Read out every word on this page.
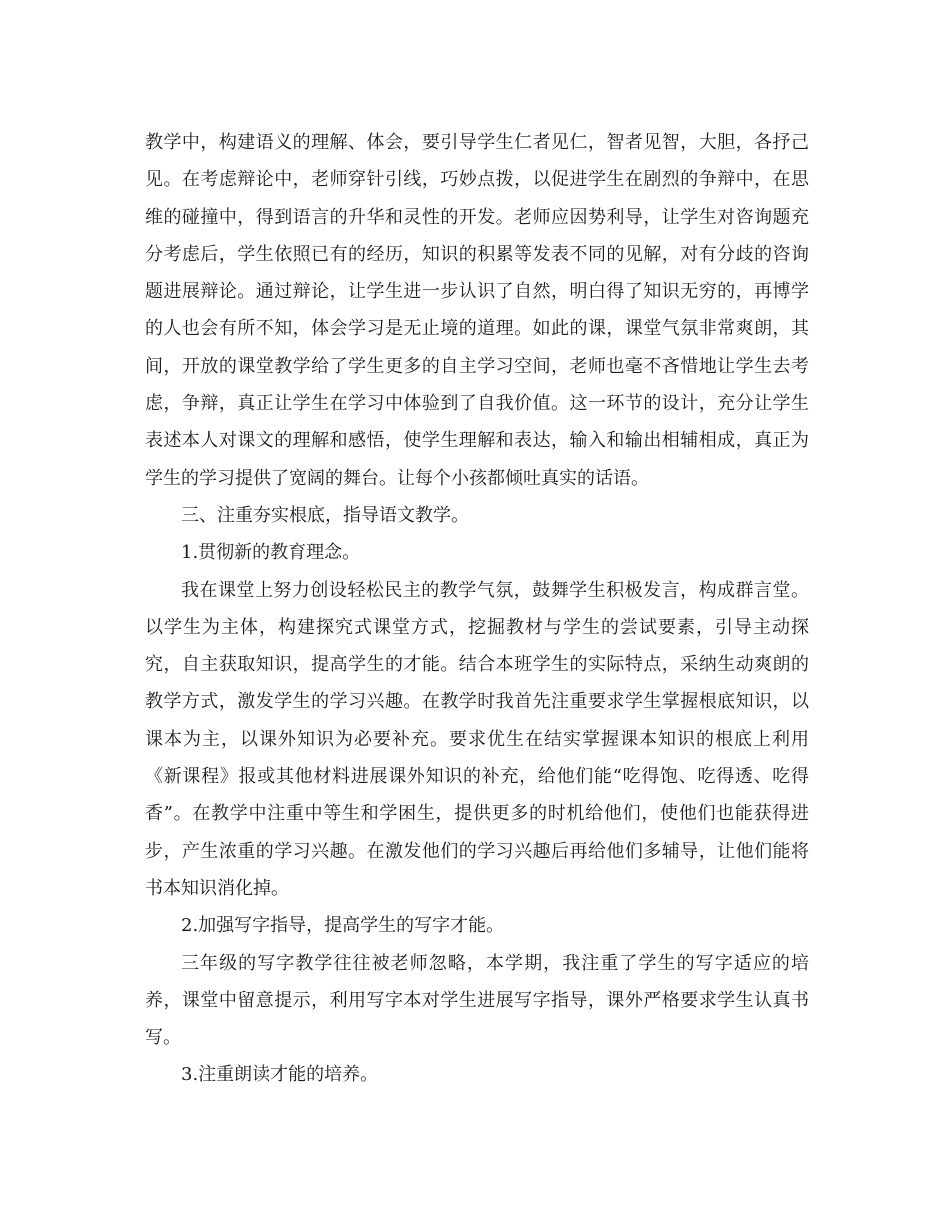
教学中，构建语义的理解、体会，要引导学生仁者见仁，智者见智，大胆，各抒己见。在考虑辩论中，老师穿针引线，巧妙点拨，以促进学生在剧烈的争辩中，在思维的碰撞中，得到语言的升华和灵性的开发。老师应因势利导，让学生对咨询题充分考虑后，学生依照已有的经历，知识的积累等发表不同的见解，对有分歧的咨询题进展辩论。通过辩论，让学生进一步认识了自然，明白得了知识无穷的，再博学的人也会有所不知，体会学习是无止境的道理。如此的课，课堂气氛非常爽朗，其间，开放的课堂教学给了学生更多的自主学习空间，老师也毫不吝惜地让学生去考虑，争辩，真正让学生在学习中体验到了自我价值。这一环节的设计，充分让学生表述本人对课文的理解和感悟，使学生理解和表达，输入和输出相辅相成，真正为学生的学习提供了宽阔的舞台。让每个小孩都倾吐真实的话语。

三、注重夯实根底，指导语文教学。

1.贯彻新的教育理念。

我在课堂上努力创设轻松民主的教学气氛，鼓舞学生积极发言，构成群言堂。以学生为主体，构建探究式课堂方式，挖掘教材与学生的尝试要素，引导主动探究，自主获取知识，提高学生的才能。结合本班学生的实际特点，采纳生动爽朗的教学方式，激发学生的学习兴趣。在教学时我首先注重要求学生掌握根底知识，以课本为主，以课外知识为必要补充。要求优生在结实掌握课本知识的根底上利用《新课程》报或其他材料进展课外知识的补充，给他们能“吃得饱、吃得透、吃得香”。在教学中注重中等生和学困生，提供更多的时机给他们，使他们也能获得进步，产生浓重的学习兴趣。在激发他们的学习兴趣后再给他们多辅导，让他们能将书本知识消化掉。

2.加强写字指导，提高学生的写字才能。

三年级的写字教学往往被老师忽略，本学期，我注重了学生的写字适应的培养，课堂中留意提示，利用写字本对学生进展写字指导，课外严格要求学生认真书写。

3.注重朗读才能的培养。
